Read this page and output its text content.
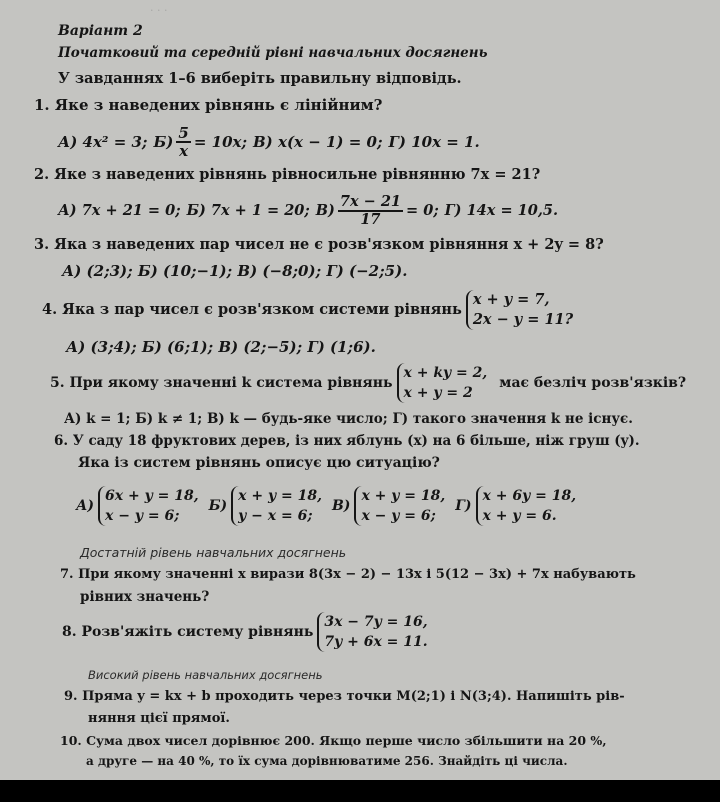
· · ·
Варіант 2
Початковий та середній рівні навчальних досягнень
У завданнях 1–6 виберіть правильну відповідь.
1. Яке з наведених рівнянь є лінійним?
А) 4x² = 3; $Б) \frac{5}{x} = 10x$; В) x(x − 1) = 0; Г) 10x = 1.
2. Яке з наведених рівнянь рівносильне рівнянню 7x = 21?
А) 7x + 21 = 0; Б) 7x + 1 = 20; $В) \frac{7x - 21}{17} = 0$; Г) 14x = 10,5.
3. Яка з наведених пар чисел не є розв'язком рівняння x + 2y = 8?
А) (2;3); Б) (10;−1); В) (−8;0); Г) (−2;5).
4. Яка з пар чисел є розв'язком системи рівнянь
x + y = 7,
2x − y = 11?
А) (3;4); Б) (6;1); В) (2;−5); Г) (1;6).
5. При якому значенні k система рівнянь
x + ky = 2,
x + y = 2
має безліч розв'язків?
А) k = 1; Б) k ≠ 1; В) k — будь-яке число; Г) такого значення k не існує.
6. У саду 18 фруктових дерев, із них яблунь (x) на 6 більше, ніж груш (y).
Яка із систем рівнянь описує цю ситуацію?
А)
6x + y = 18,
x − y = 6;
Б)
x + y = 18,
y − x = 6;
В)
x + y = 18,
x − y = 6;
Г)
x + 6y = 18,
x + y = 6.
Достатній рівень навчальних досягнень
7. При якому значенні x вирази 8(3x − 2) − 13x і 5(12 − 3x) + 7x набувають
рівних значень?
8. Розв'яжіть систему рівнянь
3x − 7y = 16,
7y + 6x = 11.
Високий рівень навчальних досягнень
9. Пряма y = kx + b проходить через точки M(2;1) і N(3;4). Напишіть рів-
няння цієї прямої.
10. Сума двох чисел дорівнює 200. Якщо перше число збільшити на 20 %,
а друге — на 40 %, то їх сума дорівнюватиме 256. Знайдіть ці числа.
